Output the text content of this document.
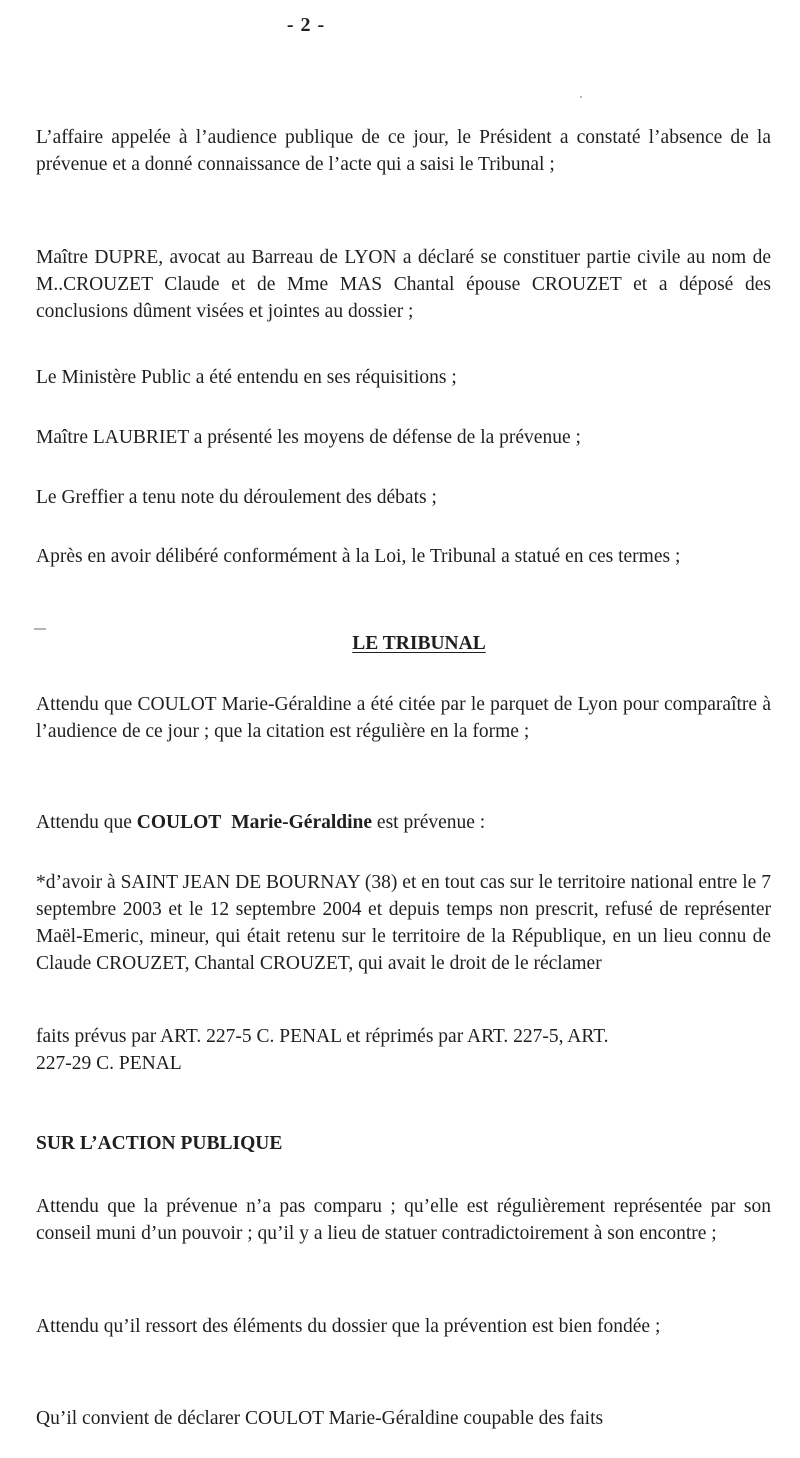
- 2 -

L’affaire appelée à l’audience publique de ce jour, le Président a constaté l’absence de la prévenue et a donné connaissance de l’acte qui a saisi le Tribunal ;

Maître DUPRE, avocat au Barreau de LYON a déclaré se constituer partie civile au nom de M..CROUZET Claude et de Mme MAS Chantal épouse CROUZET et a déposé des conclusions dûment visées et jointes au dossier ;

Le Ministère Public a été entendu en ses réquisitions ;

Maître LAUBRIET a présenté les moyens de défense de la prévenue ;

Le Greffier a tenu note du déroulement des débats ;

Après en avoir délibéré conformément à la Loi, le Tribunal a statué en ces termes ;

LE TRIBUNAL

Attendu que COULOT Marie-Géraldine a été citée par le parquet de Lyon pour comparaître à l’audience de ce jour ; que la citation est régulière en la forme ;

Attendu que COULOT Marie-Géraldine est prévenue :

*d’avoir à SAINT JEAN DE BOURNAY (38) et en tout cas sur le territoire national entre le 7 septembre 2003 et le 12 septembre 2004 et depuis temps non prescrit, refusé de représenter Maël-Emeric, mineur, qui était retenu sur le territoire de la République, en un lieu connu de Claude CROUZET, Chantal CROUZET, qui avait le droit de le réclamer

faits prévus par ART. 227-5 C. PENAL et réprimés par ART. 227-5, ART.
227-29 C. PENAL

SUR L’ACTION PUBLIQUE

Attendu que la prévenue n’a pas comparu ; qu’elle est régulièrement représentée par son conseil muni d’un pouvoir ; qu’il y a lieu de statuer contradictoirement à son encontre ;

Attendu qu’il ressort des éléments du dossier que la prévention est bien fondée ;

Qu’il convient de déclarer COULOT Marie-Géraldine coupable des faits
